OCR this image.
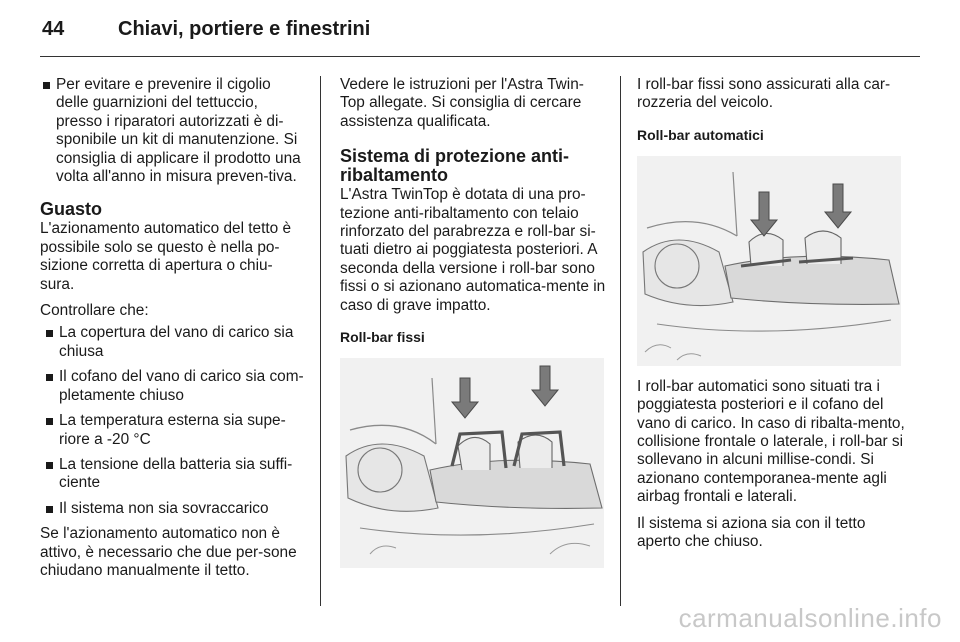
44	Chiavi, portiere e finestrini
Per evitare e prevenire il cigolio delle guarnizioni del tettuccio, presso i riparatori autorizzati è di-sponibile un kit di manutenzione. Si consiglia di applicare il prodotto una volta all'anno in misura preven-tiva.
Guasto

L'azionamento automatico del tetto è possibile solo se questo è nella po-sizione corretta di apertura o chiu-sura.

Controllare che:

La copertura del vano di carico sia chiusa
Il cofano del vano di carico sia com-pletamente chiuso
La temperatura esterna sia supe-riore a -20 °C
La tensione della batteria sia suffi-ciente
Il sistema non sia sovraccarico

Se l'azionamento automatico non è attivo, è necessario che due per-sone chiudano manualmente il tetto.

Vedere le istruzioni per l'Astra Twin-Top allegate. Si consiglia di cercare assistenza qualificata.

Sistema di protezione anti-ribaltamento

L'Astra TwinTop è dotata di una pro-tezione anti-ribaltamento con telaio rinforzato del parabrezza e roll-bar si-tuati dietro ai poggiatesta posteriori. A seconda della versione i roll-bar sono fissi o si azionano automatica-mente in caso di grave impatto.

Roll-bar fissi

I roll-bar fissi sono assicurati alla car-rozzeria del veicolo.

Roll-bar automatici

I roll-bar automatici sono situati tra i poggiatesta posteriori e il cofano del vano di carico. In caso di ribalta-mento, collisione frontale o laterale, i roll-bar si sollevano in alcuni millise-condi. Si azionano contemporanea-mente agli airbag frontali e laterali.

Il sistema si aziona sia con il tetto aperto che chiuso.

carmanualsonline.info
